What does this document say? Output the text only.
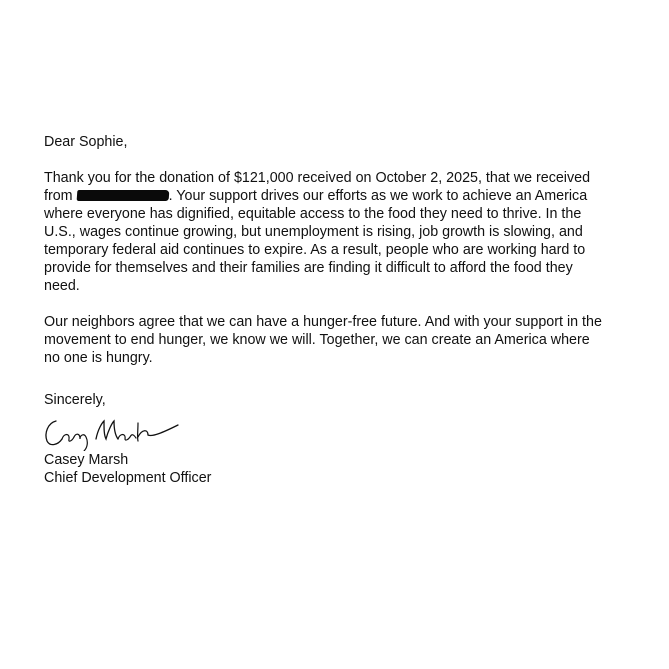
Dear Sophie,
Thank you for the donation of $121,000 received on October 2, 2025, that we received
from	. Your support drives our efforts as we work to achieve an America
where everyone has dignified, equitable access to the food they need to thrive. In the
U.S., wages continue growing, but unemployment is rising, job growth is slowing, and
temporary federal aid continues to expire. As a result, people who are working hard to
provide for themselves and their families are finding it difficult to afford the food they
need.
Our neighbors agree that we can have a hunger-free future. And with your support in the
movement to end hunger, we know we will. Together, we can create an America where
no one is hungry.
Sincerely,
Casey Marsh
Chief Development Officer
